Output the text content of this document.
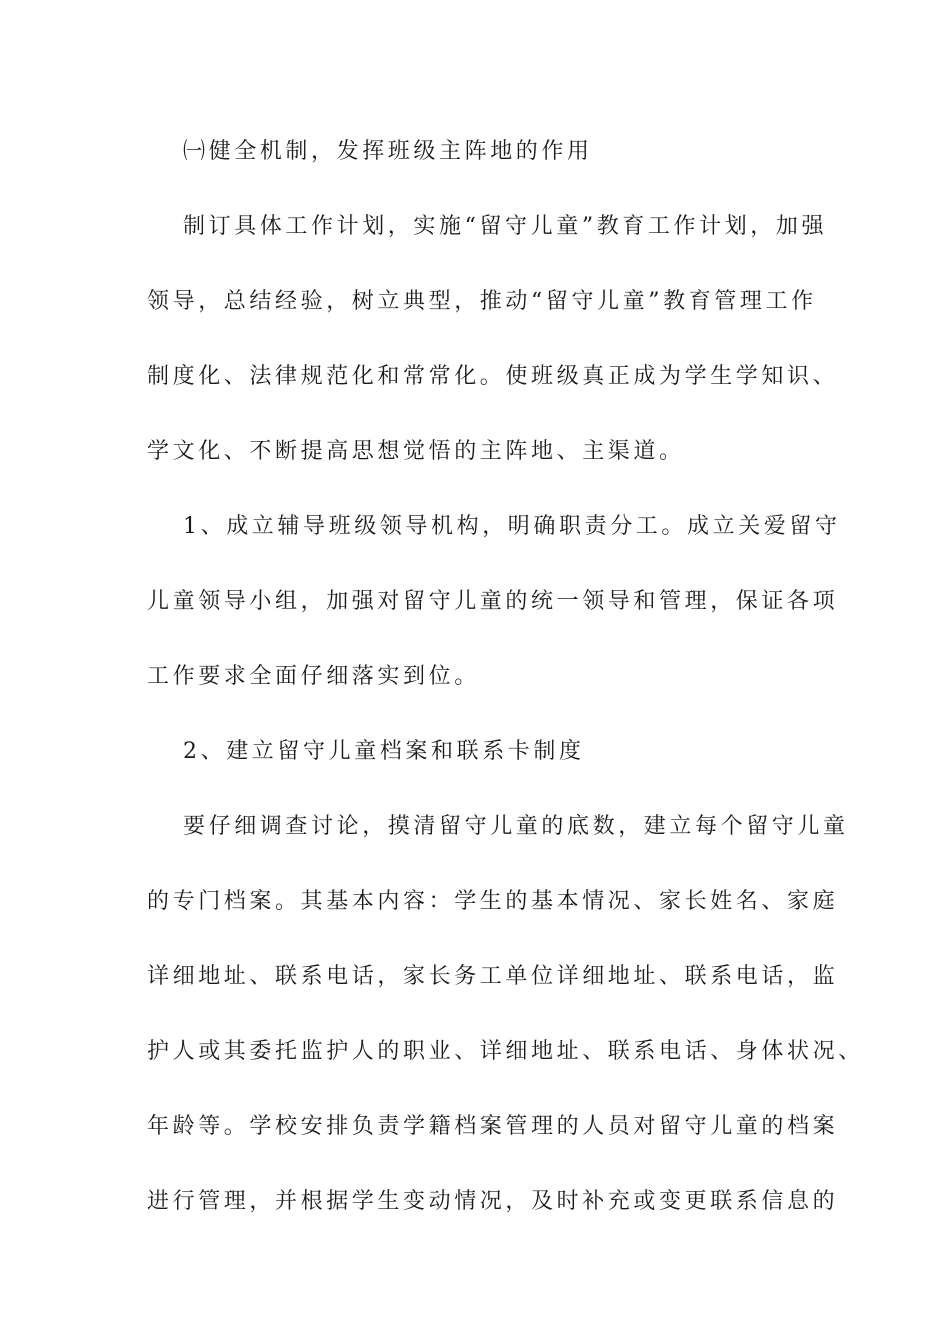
㈠健全机制，发挥班级主阵地的作用

制订具体工作计划，实施“留守儿童”教育工作计划，加强

领导，总结经验，树立典型，推动“留守儿童”教育管理工作

制度化、法律规范化和常常化。使班级真正成为学生学知识、

学文化、不断提高思想觉悟的主阵地、主渠道。

1、成立辅导班级领导机构，明确职责分工。成立关爱留守

儿童领导小组，加强对留守儿童的统一领导和管理，保证各项

工作要求全面仔细落实到位。

2、建立留守儿童档案和联系卡制度

要仔细调查讨论，摸清留守儿童的底数，建立每个留守儿童

的专门档案。其基本内容：学生的基本情况、家长姓名、家庭

详细地址、联系电话，家长务工单位详细地址、联系电话，监

护人或其委托监护人的职业、详细地址、联系电话、身体状况、

年龄等。学校安排负责学籍档案管理的人员对留守儿童的档案

进行管理，并根据学生变动情况，及时补充或变更联系信息的
